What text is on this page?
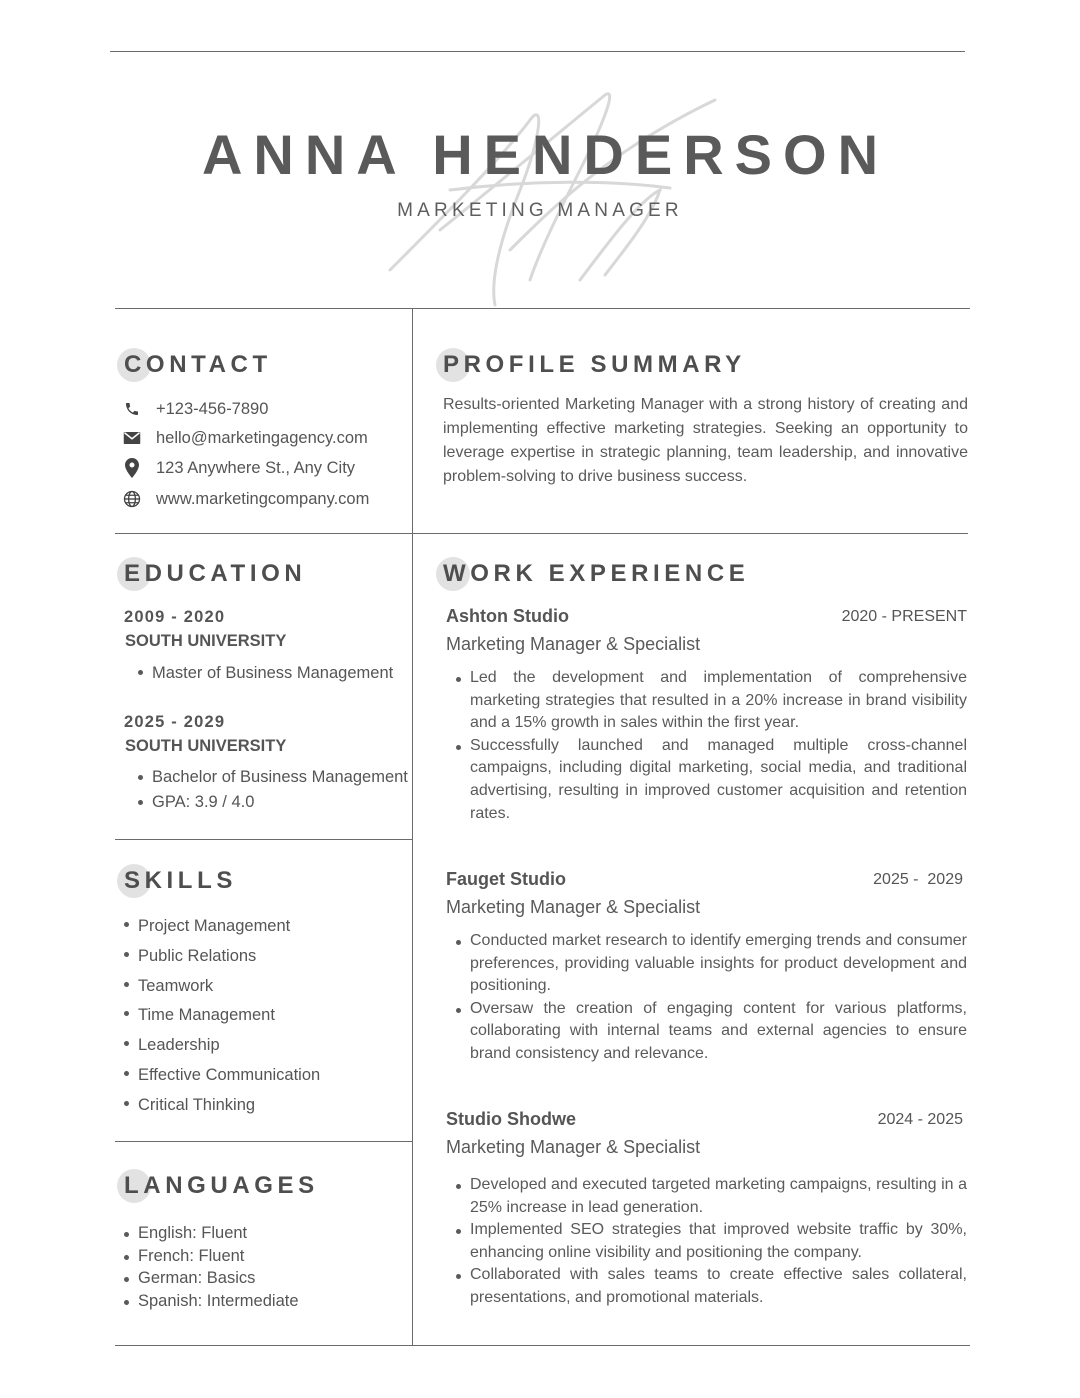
ANNA HENDERSON
MARKETING MANAGER
CONTACT
+123-456-7890
hello@marketingagency.com
123 Anywhere St., Any City
www.marketingcompany.com
PROFILE SUMMARY
Results-oriented Marketing Manager with a strong history of creating and implementing effective marketing strategies. Seeking an opportunity to leverage expertise in strategic planning, team leadership, and innovative problem-solving to drive business success.
EDUCATION
2009 - 2020
SOUTH UNIVERSITY
Master of Business Management
2025 - 2029
SOUTH UNIVERSITY
Bachelor of Business Management
GPA: 3.9 / 4.0
SKILLS
Project Management
Public Relations
Teamwork
Time Management
Leadership
Effective Communication
Critical Thinking
LANGUAGES
English: Fluent
French: Fluent
German: Basics
Spanish: Intermediate
WORK EXPERIENCE
Ashton Studio	2020 - PRESENT
Marketing Manager & Specialist
Led the development and implementation of comprehensive marketing strategies that resulted in a 20% increase in brand visibility and a 15% growth in sales within the first year.
Successfully launched and managed multiple cross-channel campaigns, including digital marketing, social media, and traditional advertising, resulting in improved customer acquisition and retention rates.
Fauget Studio	2025 -  2029
Marketing Manager & Specialist
Conducted market research to identify emerging trends and consumer preferences, providing valuable insights for product development and positioning.
Oversaw the creation of engaging content for various platforms, collaborating with internal teams and external agencies to ensure brand consistency and relevance.
Studio Shodwe	2024 - 2025
Marketing Manager & Specialist
Developed and executed targeted marketing campaigns, resulting in a 25% increase in lead generation.
Implemented SEO strategies that improved website traffic by 30%, enhancing online visibility and positioning the company.
Collaborated with sales teams to create effective sales collateral, presentations, and promotional materials.
